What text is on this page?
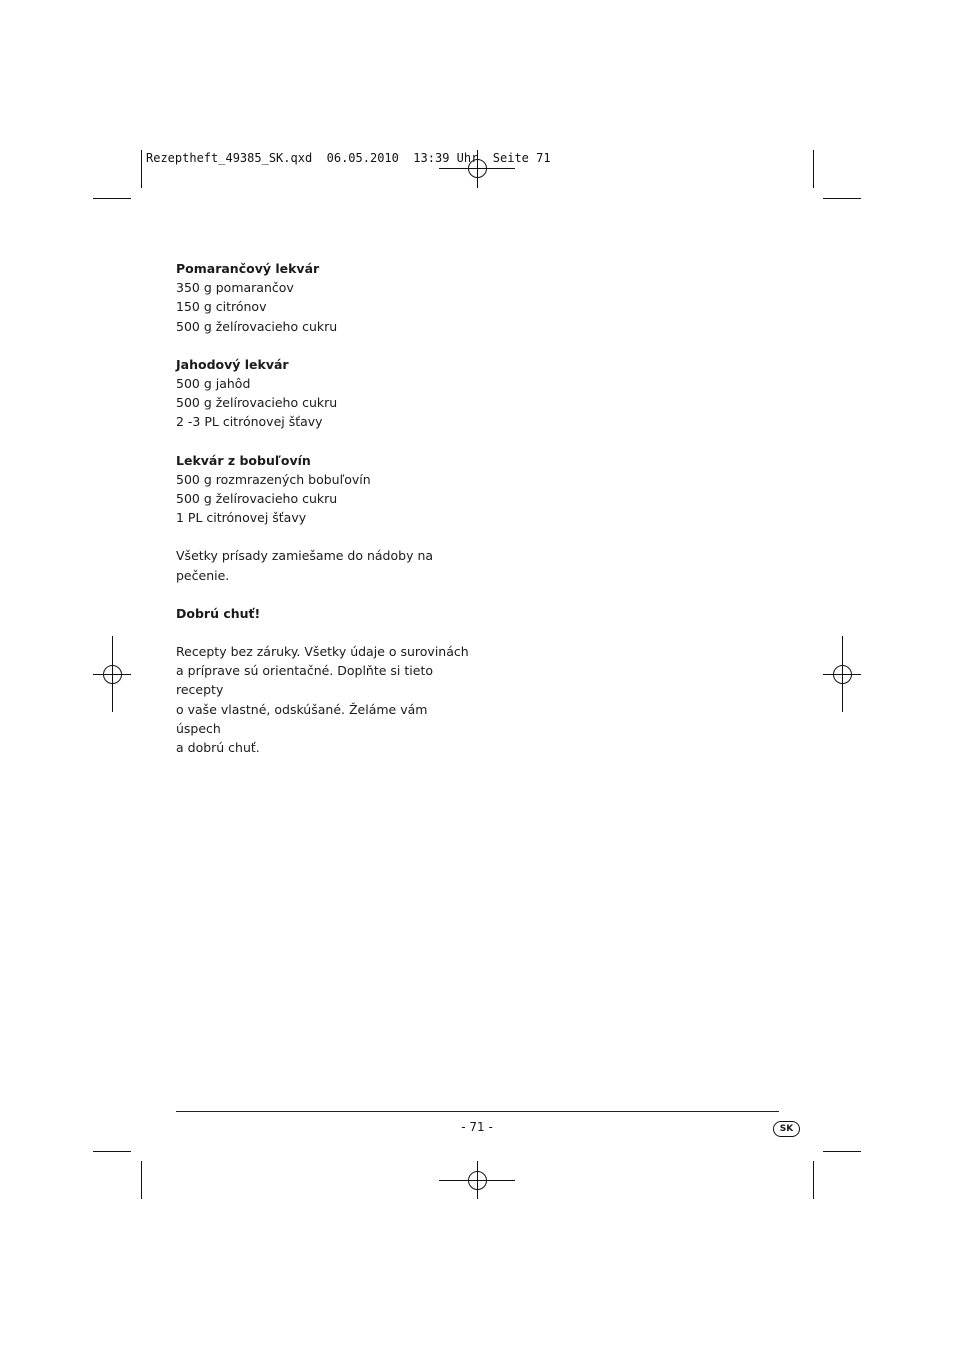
Rezeptheft_49385_SK.qxd  06.05.2010  13:39 Uhr  Seite 71

Pomarančový lekvár

350 g pomarančov

150 g citrónov

500 g želírovacieho cukru

Jahodový lekvár

500 g jahôd

500 g želírovacieho cukru

2 -3 PL citrónovej šťavy

Lekvár z bobuľovín

500 g rozmrazených bobuľovín

500 g želírovacieho cukru

1 PL citrónovej šťavy

Všetky prísady zamiešame do nádoby na pečenie.

Dobrú chuť!

Recepty bez záruky. Všetky údaje o surovinách

a príprave sú orientačné. Doplňte si tieto recepty

o vaše vlastné, odskúšané. Želáme vám úspech

a dobrú chuť.

- 71 -	SK
